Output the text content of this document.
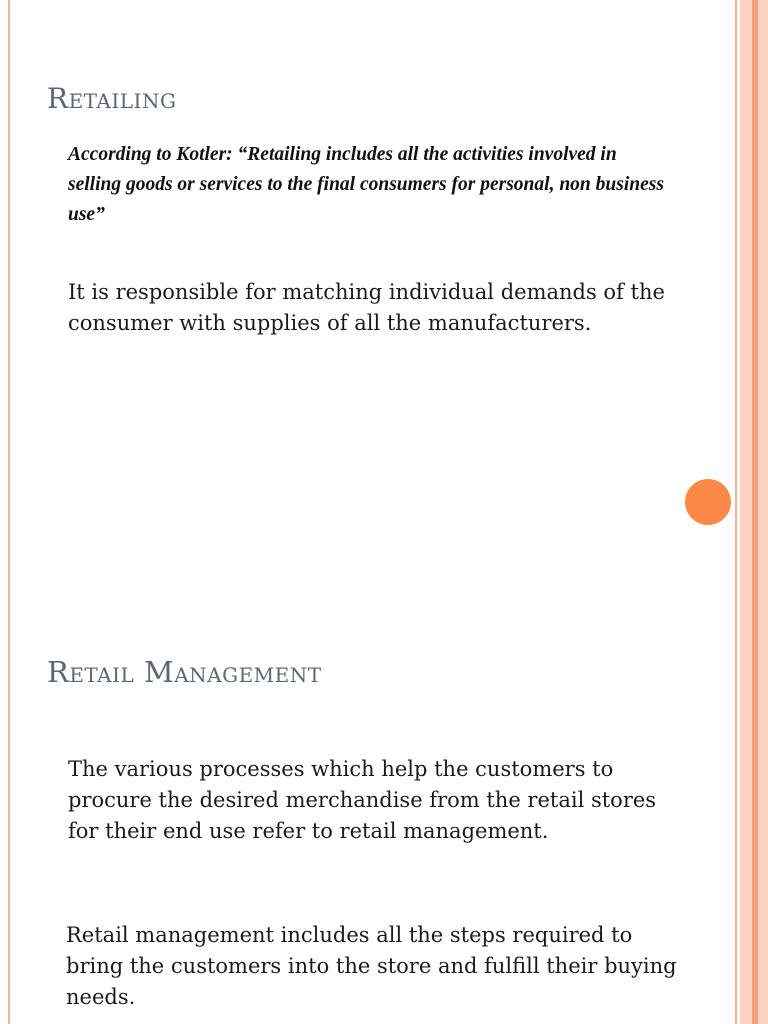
Retailing

According to Kotler: “Retailing includes all the activities involved in selling goods or services to the final consumers for personal, non business use”

It is responsible for matching individual demands of the consumer with supplies of all the manufacturers.

Retail Management

The various processes which help the customers to procure the desired merchandise from the retail stores for their end use refer to retail management.

Retail management includes all the steps required to bring the customers into the store and fulfill their buying needs.
